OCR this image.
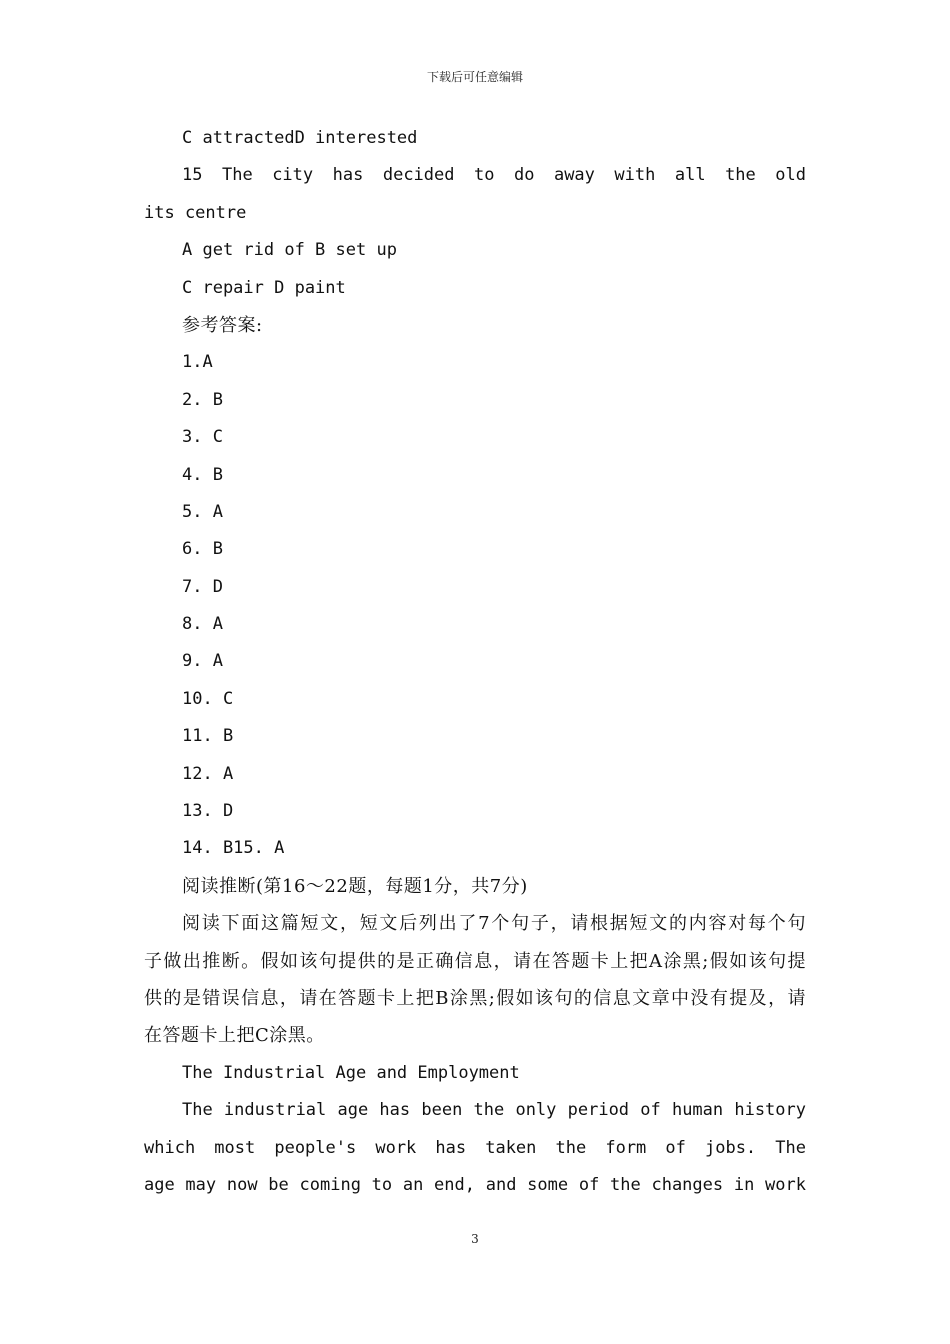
下载后可任意编辑
C attractedD interested
15 The city has decided to do away with all the old
its centre
A get rid of B set up
C repair D paint
参考答案:
1.A
2. B
3. C
4. B
5. A
6. B
7. D
8. A
9. A
10. C
11. B
12. A
13. D
14. B15. A
阅读推断(第16～22题，每题1分，共7分)
阅读下面这篇短文，短文后列出了7个句子，请根据短文的内容对每个句
子做出推断。假如该句提供的是正确信息，请在答题卡上把A涂黑;假如该句提
供的是错误信息，请在答题卡上把B涂黑;假如该句的信息文章中没有提及，请
在答题卡上把C涂黑。
The Industrial Age and Employment
The industrial age has been the only period of human history
which most people's work has taken the form of jobs. The
age may now be coming to an end, and some of the changes in work
3
